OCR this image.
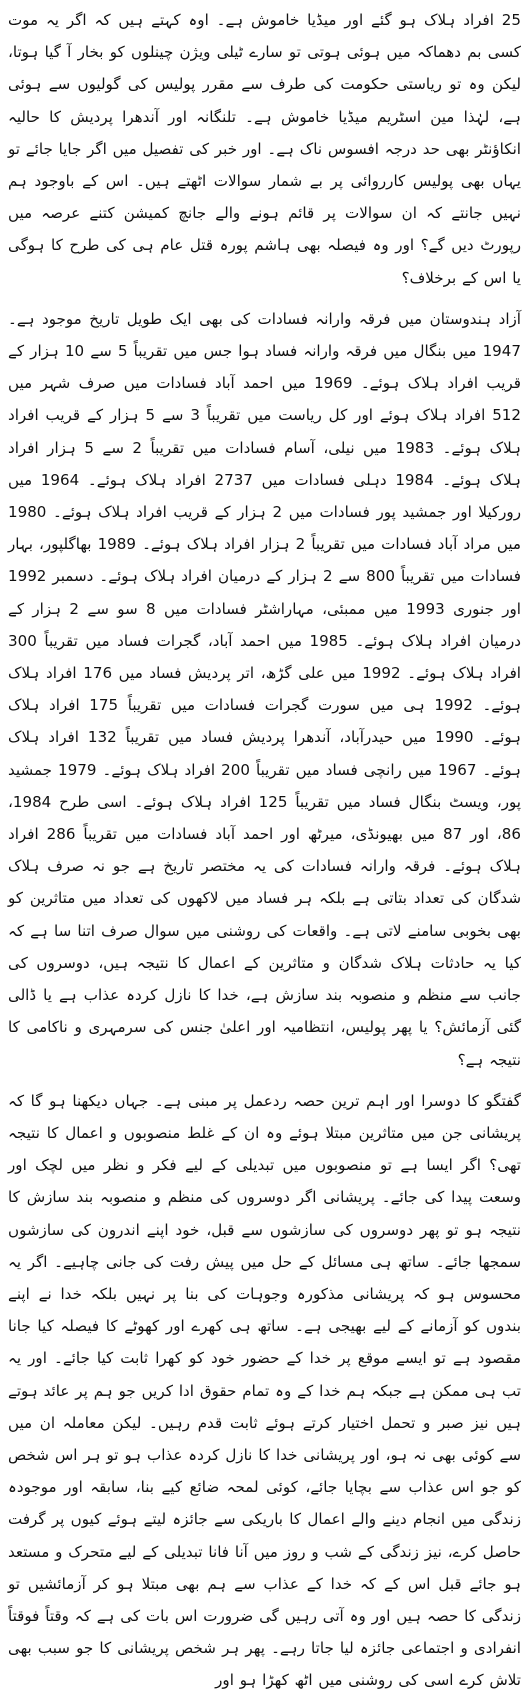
25 افراد ہلاک ہو گئے اور میڈیا خاموش ہے۔ اوہ کہتے ہیں کہ اگر یہ موت کسی بم دھماکہ میں ہوئی ہوتی تو سارے ٹیلی ویژن چینلوں کو بخار آ گیا ہوتا، لیکن وہ تو ریاستی حکومت کی طرف سے مقرر پولیس کی گولیوں سے ہوئی ہے، لہٰذا مین اسٹریم میڈیا خاموش ہے۔ تلنگانہ اور آندھرا پردیش کا حالیہ انکاؤنٹر بھی حد درجہ افسوس ناک ہے۔ اور خبر کی تفصیل میں اگر جایا جائے تو یہاں بھی پولیس کارروائی پر بے شمار سوالات اٹھتے ہیں۔ اس کے باوجود ہم نہیں جانتے کہ ان سوالات پر قائم ہونے والے جانچ کمیشن کتنے عرصہ میں رپورٹ دیں گے؟ اور وہ فیصلہ بھی ہاشم پورہ قتل عام ہی کی طرح کا ہوگی یا اس کے برخلاف؟

آزاد ہندوستان میں فرقہ وارانہ فسادات کی بھی ایک طویل تاریخ موجود ہے۔ 1947 میں بنگال میں فرقہ وارانہ فساد ہوا جس میں تقریباً 5 سے 10 ہزار کے قریب افراد ہلاک ہوئے۔ 1969 میں احمد آباد فسادات میں صرف شہر میں 512 افراد ہلاک ہوئے اور کل ریاست میں تقریباً 3 سے 5 ہزار کے قریب افراد ہلاک ہوئے۔ 1983 میں نیلی، آسام فسادات میں تقریباً 2 سے 5 ہزار افراد ہلاک ہوئے۔ 1984 دہلی فسادات میں 2737 افراد ہلاک ہوئے۔ 1964 میں رورکیلا اور جمشید پور فسادات میں 2 ہزار کے قریب افراد ہلاک ہوئے۔ 1980 میں مراد آباد فسادات میں تقریباً 2 ہزار افراد ہلاک ہوئے۔ 1989 بھاگلپور، بہار فسادات میں تقریباً 800 سے 2 ہزار کے درمیان افراد ہلاک ہوئے۔ دسمبر 1992 اور جنوری 1993 میں ممبئی، مہاراشٹر فسادات میں 8 سو سے 2 ہزار کے درمیان افراد ہلاک ہوئے۔ 1985 میں احمد آباد، گجرات فساد میں تقریباً 300 افراد ہلاک ہوئے۔ 1992 میں علی گڑھ، اتر پردیش فساد میں 176 افراد ہلاک ہوئے۔ 1992 ہی میں سورت گجرات فسادات میں تقریباً 175 افراد ہلاک ہوئے۔ 1990 میں حیدرآباد، آندھرا پردیش فساد میں تقریباً 132 افراد ہلاک ہوئے۔ 1967 میں رانچی فساد میں تقریباً 200 افراد ہلاک ہوئے۔ 1979 جمشید پور، ویسٹ بنگال فساد میں تقریباً 125 افراد ہلاک ہوئے۔ اسی طرح 1984، 86، اور 87 میں بھیونڈی، میرٹھ اور احمد آباد فسادات میں تقریباً 286 افراد ہلاک ہوئے۔ فرقہ وارانہ فسادات کی یہ مختصر تاریخ ہے جو نہ صرف ہلاک شدگان کی تعداد بتاتی ہے بلکہ ہر فساد میں لاکھوں کی تعداد میں متاثرین کو بھی بخوبی سامنے لاتی ہے۔ واقعات کی روشنی میں سوال صرف اتنا سا ہے کہ کیا یہ حادثات ہلاک شدگان و متاثرین کے اعمال کا نتیجہ ہیں، دوسروں کی جانب سے منظم و منصوبہ بند سازش ہے، خدا کا نازل کردہ عذاب ہے یا ڈالی گئی آزمائش؟ یا پھر پولیس، انتظامیہ اور اعلیٰ جنس کی سرمہری و ناکامی کا نتیجہ ہے؟

گفتگو کا دوسرا اور اہم ترین حصہ ردعمل پر مبنی ہے۔ جہاں دیکھنا ہو گا کہ پریشانی جن میں متاثرین مبتلا ہوئے وہ ان کے غلط منصوبوں و اعمال کا نتیجہ تھی؟ اگر ایسا ہے تو منصوبوں میں تبدیلی کے لیے فکر و نظر میں لچک اور وسعت پیدا کی جائے۔ پریشانی اگر دوسروں کی منظم و منصوبہ بند سازش کا نتیجہ ہو تو پھر دوسروں کی سازشوں سے قبل، خود اپنے اندرون کی سازشوں سمجھا جائے۔ ساتھ ہی مسائل کے حل میں پیش رفت کی جانی چاہیے۔ اگر یہ محسوس ہو کہ پریشانی مذکورہ وجوہات کی بنا پر نہیں بلکہ خدا نے اپنے بندوں کو آزمانے کے لیے بھیجی ہے۔ ساتھ ہی کھرے اور کھوٹے کا فیصلہ کیا جانا مقصود ہے تو ایسے موقع پر خدا کے حضور خود کو کھرا ثابت کیا جائے۔ اور یہ تب ہی ممکن ہے جبکہ ہم خدا کے وہ تمام حقوق ادا کریں جو ہم پر عائد ہوتے ہیں نیز صبر و تحمل اختیار کرتے ہوئے ثابت قدم رہیں۔ لیکن معاملہ ان میں سے کوئی بھی نہ ہو، اور پریشانی خدا کا نازل کردہ عذاب ہو تو ہر اس شخص کو جو اس عذاب سے بچایا جائے، کوئی لمحہ ضائع کیے بنا، سابقہ اور موجودہ زندگی میں انجام دینے والے اعمال کا باریکی سے جائزہ لیتے ہوئے کیوں پر گرفت حاصل کرے، نیز زندگی کے شب و روز میں آنا فانا تبدیلی کے لیے متحرک و مستعد ہو جائے قبل اس کے کہ خدا کے عذاب سے ہم بھی مبتلا ہو کر آزمائشیں تو زندگی کا حصہ ہیں اور وہ آتی رہیں گی ضرورت اس بات کی ہے کہ وقتاً فوقتاً انفرادی و اجتماعی جائزہ لیا جاتا رہے۔ پھر ہر شخص پریشانی کا جو سبب بھی تلاش کرے اسی کی روشنی میں اٹھ کھڑا ہو اور
